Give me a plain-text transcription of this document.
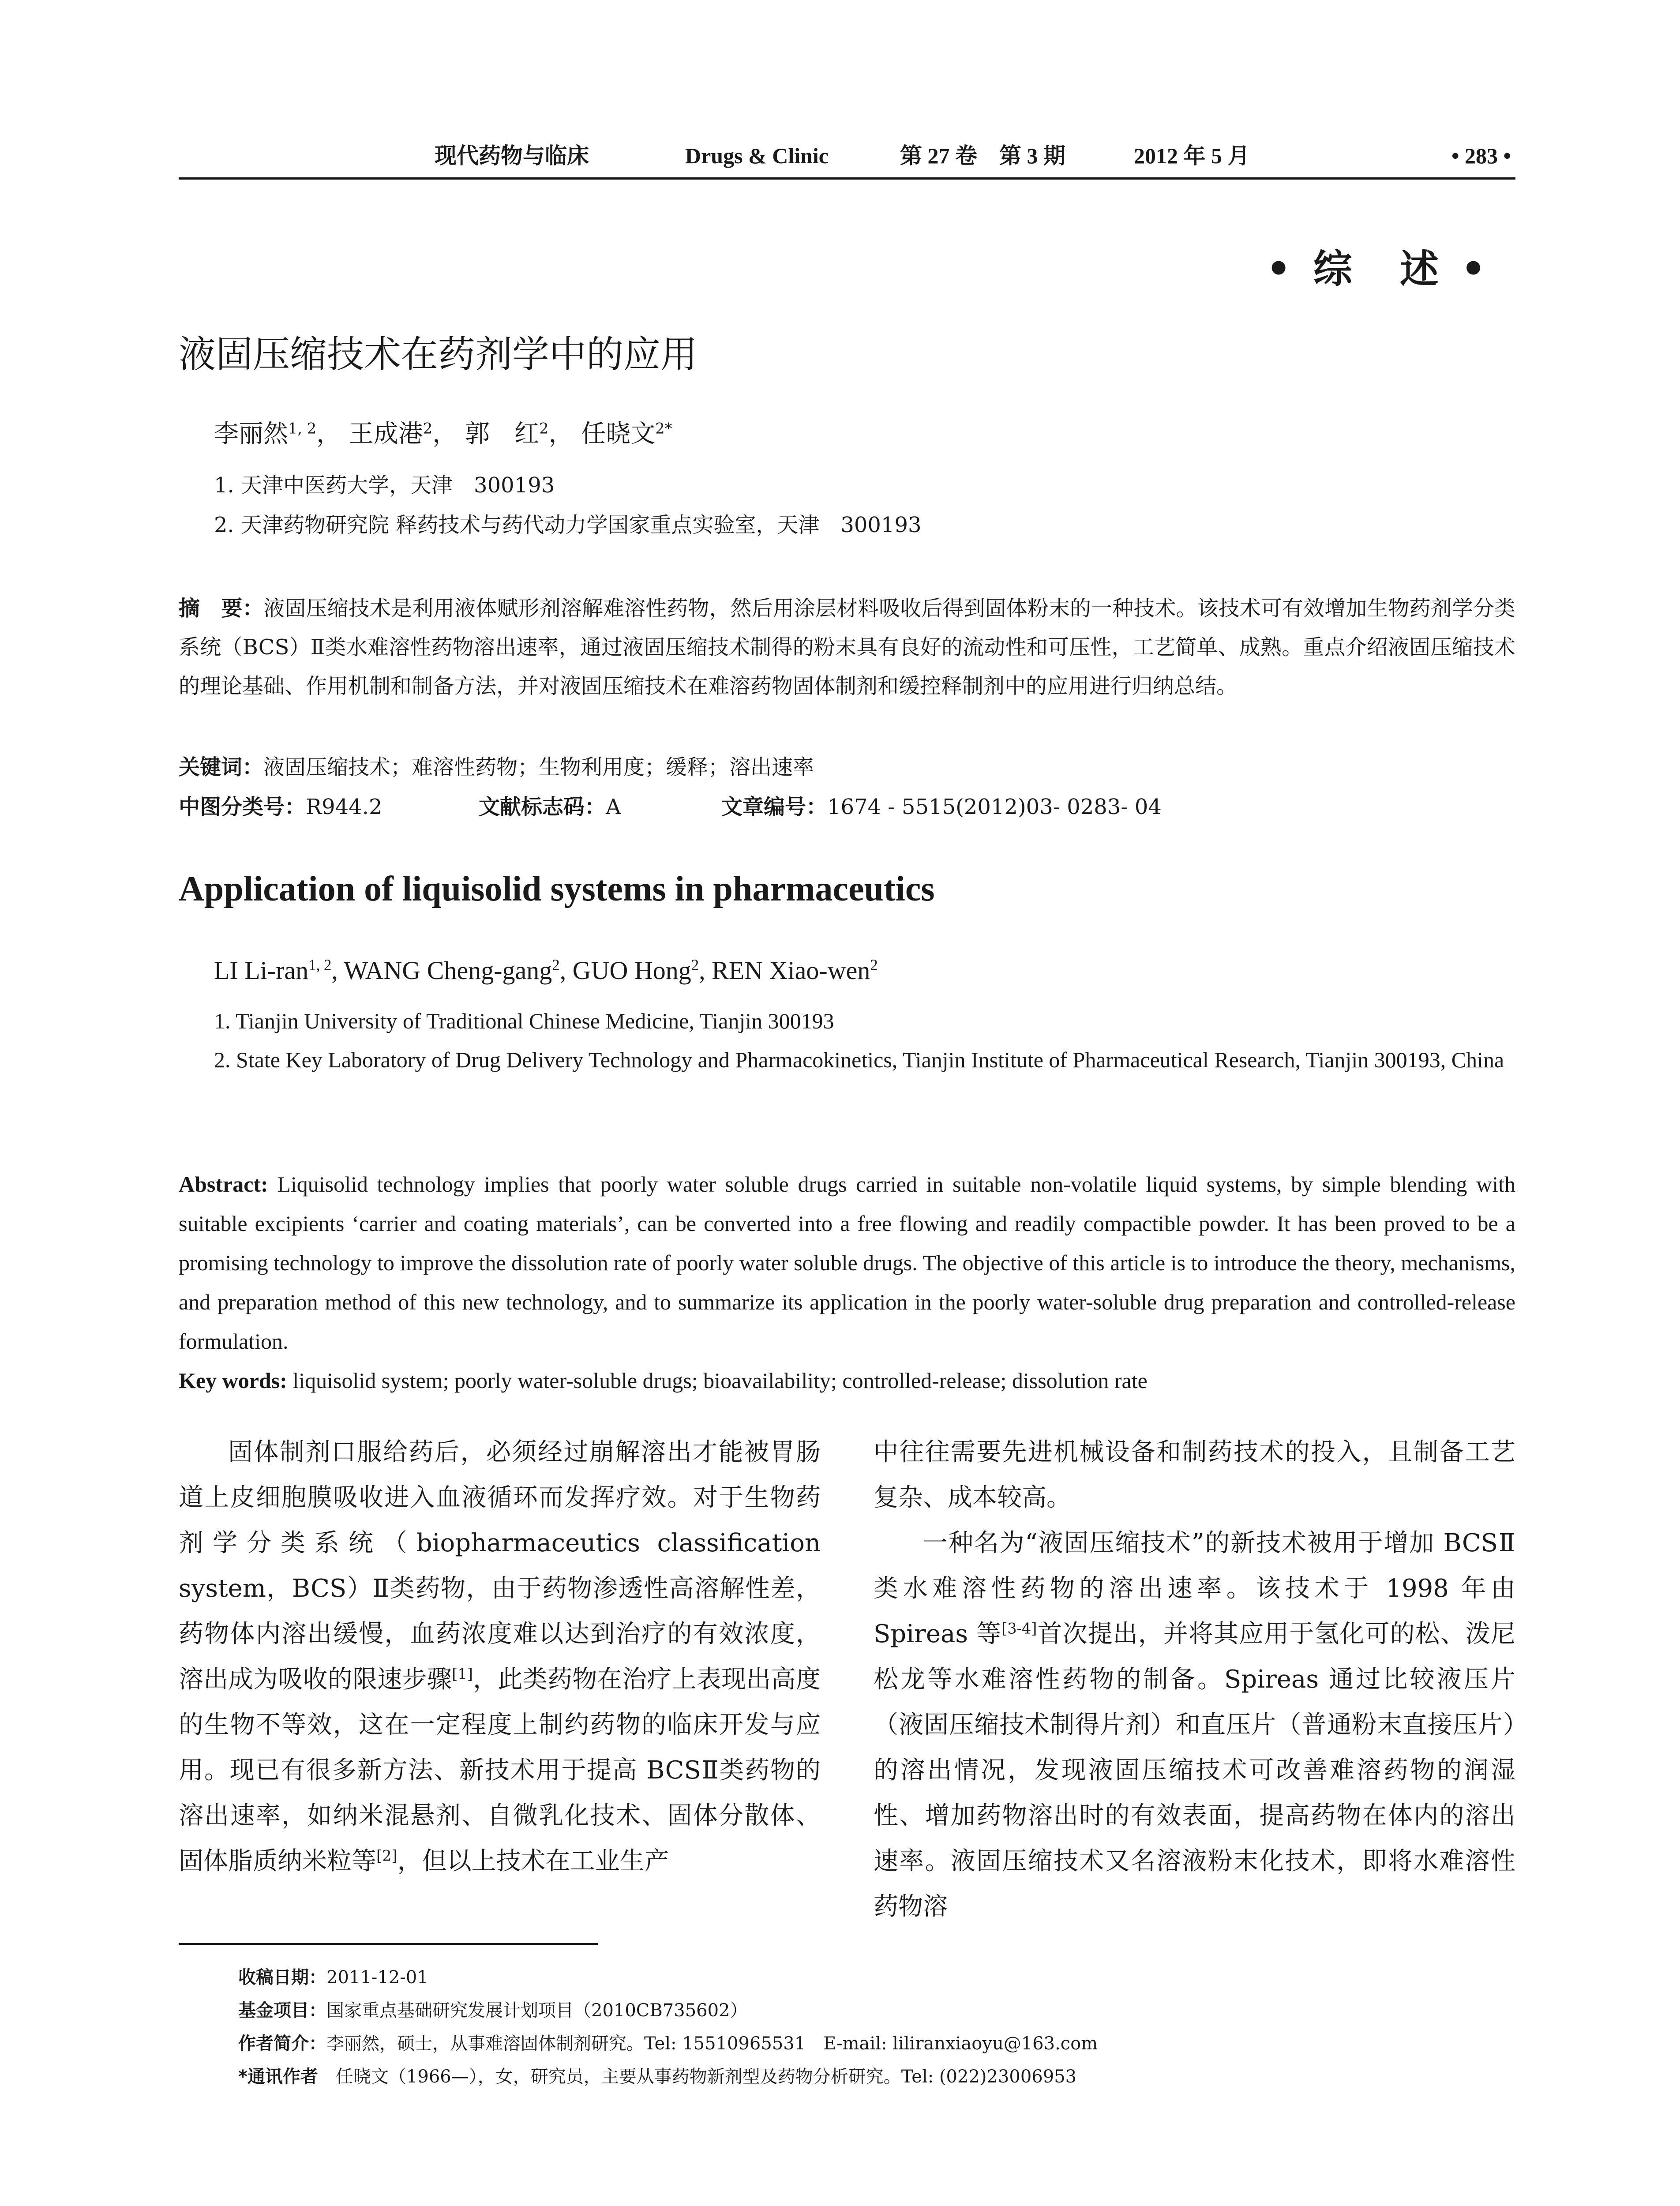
现代药物与临床	Drugs & Clinic	第 27 卷　第 3 期	2012 年 5 月	• 283 •
• 综　述 •
液固压缩技术在药剂学中的应用
李丽然$^{1, 2}$， 王成港$^2$， 郭　红$^2$， 任晓文$^{2*}$
1. 天津中医药大学，天津　300193
2. 天津药物研究院 释药技术与药代动力学国家重点实验室，天津　300193
摘　要：液固压缩技术是利用液体赋形剂溶解难溶性药物，然后用涂层材料吸收后得到固体粉末的一种技术。该技术可有效增加生物药剂学分类系统（BCS）Ⅱ类水难溶性药物溶出速率，通过液固压缩技术制得的粉末具有良好的流动性和可压性，工艺简单、成熟。重点介绍液固压缩技术的理论基础、作用机制和制备方法，并对液固压缩技术在难溶药物固体制剂和缓控释制剂中的应用进行归纳总结。
关键词：液固压缩技术；难溶性药物；生物利用度；缓释；溶出速率
中图分类号：R944.2	文献标志码：A	文章编号：1674 - 5515(2012)03- 0283- 04
Application of liquisolid systems in pharmaceutics
LI Li-ran$^{1, 2}$, WANG Cheng-gang$^2$, GUO Hong$^2$, REN Xiao-wen$^2$
1. Tianjin University of Traditional Chinese Medicine, Tianjin 300193
2. State Key Laboratory of Drug Delivery Technology and Pharmacokinetics, Tianjin Institute of Pharmaceutical Research, Tianjin 300193, China
Abstract: Liquisolid technology implies that poorly water soluble drugs carried in suitable non-volatile liquid systems, by simple blending with suitable excipients ‘carrier and coating materials’, can be converted into a free flowing and readily compactible powder. It has been proved to be a promising technology to improve the dissolution rate of poorly water soluble drugs. The objective of this article is to introduce the theory, mechanisms, and preparation method of this new technology, and to summarize its application in the poorly water-soluble drug preparation and controlled-release formulation.
Key words: liquisolid system; poorly water-soluble drugs; bioavailability; controlled-release; dissolution rate

固体制剂口服给药后，必须经过崩解溶出才能被胃肠道上皮细胞膜吸收进入血液循环而发挥疗效。对于生物药剂学分类系统（biopharmaceutics classification system，BCS）Ⅱ类药物，由于药物渗透性高溶解性差，药物体内溶出缓慢，血药浓度难以达到治疗的有效浓度，溶出成为吸收的限速步骤[1]，此类药物在治疗上表现出高度的生物不等效，这在一定程度上制约药物的临床开发与应用。现已有很多新方法、新技术用于提高 BCSⅡ类药物的溶出速率，如纳米混悬剂、自微乳化技术、固体分散体、固体脂质纳米粒等[2]，但以上技术在工业生产

中往往需要先进机械设备和制药技术的投入，且制备工艺复杂、成本较高。

一种名为“液固压缩技术”的新技术被用于增加 BCSⅡ类水难溶性药物的溶出速率。该技术于 1998 年由 Spireas 等[3-4]首次提出，并将其应用于氢化可的松、泼尼松龙等水难溶性药物的制备。Spireas 通过比较液压片（液固压缩技术制得片剂）和直压片（普通粉末直接压片）的溶出情况，发现液固压缩技术可改善难溶药物的润湿性、增加药物溶出时的有效表面，提高药物在体内的溶出速率。液固压缩技术又名溶液粉末化技术，即将水难溶性药物溶

收稿日期：2011-12-01
基金项目：国家重点基础研究发展计划项目（2010CB735602）
作者简介：李丽然，硕士，从事难溶固体制剂研究。Tel: 15510965531　E-mail: liliranxiaoyu@163.com
*通讯作者　任晓文（1966—），女，研究员，主要从事药物新剂型及药物分析研究。Tel: (022)23006953
